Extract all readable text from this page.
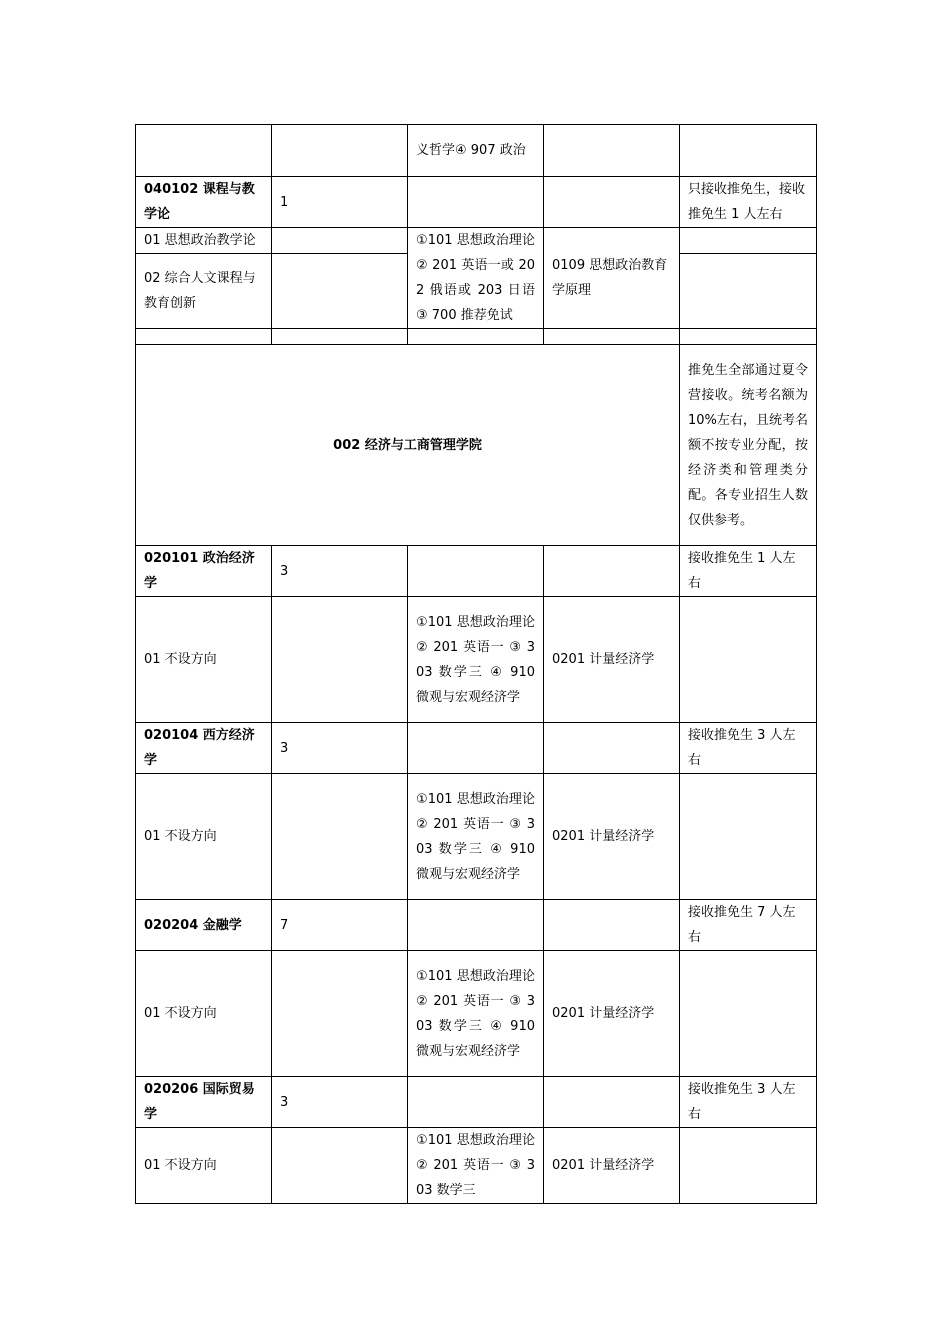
		义哲学④ 907 政治		
040102 课程与教学论	1			只接收推免生，接收推免生 1 人左右
01 思想政治教学论		①101 思想政治理论② 201 英语一或 202 俄语或 203 日语③ 700 推荐免试	0109 思想政治教育学原理	
02 综合人文课程与教育创新				

002 经济与工商管理学院				推免生全部通过夏令营接收。统考名额为 10%左右，且统考名额不按专业分配，按经济类和管理类分配。各专业招生人数仅供参考。
020101 政治经济学	3			接收推免生 1 人左右
01 不设方向		①101 思想政治理论 ② 201 英语一 ③ 303 数学三 ④ 910 微观与宏观经济学	0201 计量经济学	
020104 西方经济学	3			接收推免生 3 人左右
01 不设方向		①101 思想政治理论 ② 201 英语一 ③ 303 数学三 ④ 910 微观与宏观经济学	0201 计量经济学	
020204 金融学	7			接收推免生 7 人左右
01 不设方向		①101 思想政治理论 ② 201 英语一 ③ 303 数学三 ④ 910 微观与宏观经济学	0201 计量经济学	
020206 国际贸易学	3			接收推免生 3 人左右
01 不设方向		①101 思想政治理论 ② 201 英语一 ③ 303 数学三	0201 计量经济学	
